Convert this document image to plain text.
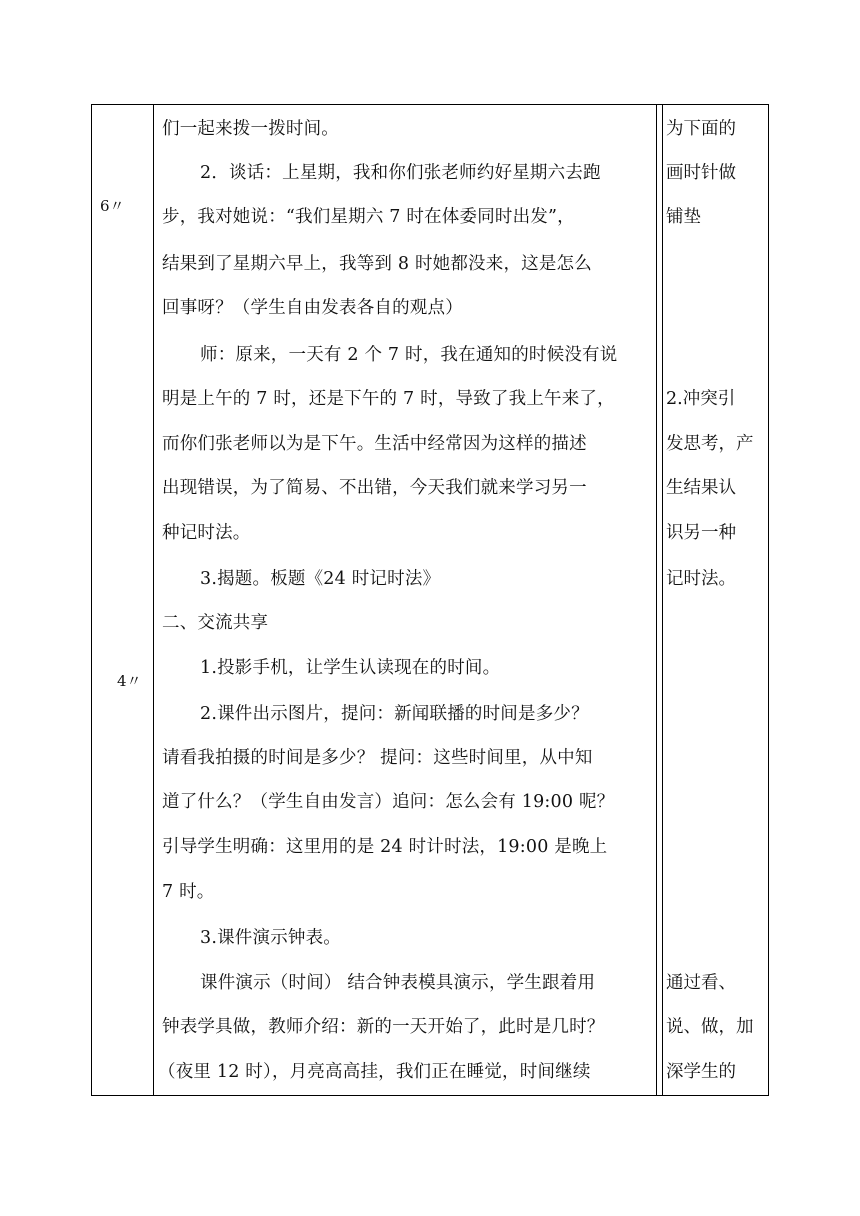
6〃
4〃
们一起来拨一拨时间。
2．谈话：上星期，我和你们张老师约好星期六去跑
步，我对她说：“我们星期六 7 时在体委同时出发”，
结果到了星期六早上，我等到 8 时她都没来，这是怎么
回事呀？（学生自由发表各自的观点）
师：原来，一天有 2 个 7 时，我在通知的时候没有说
明是上午的 7 时，还是下午的 7 时，导致了我上午来了，
而你们张老师以为是下午。生活中经常因为这样的描述
出现错误，为了简易、不出错，今天我们就来学习另一
种记时法。
3.揭题。板题《24 时记时法》
二、交流共享
1.投影手机，让学生认读现在的时间。
2.课件出示图片，提问：新闻联播的时间是多少？
请看我拍摄的时间是多少？ 提问：这些时间里，从中知
道了什么？（学生自由发言）追问：怎么会有 19:00 呢？
引导学生明确：这里用的是 24 时计时法，19:00 是晚上
7 时。
3.课件演示钟表。
课件演示（时间） 结合钟表模具演示，学生跟着用
钟表学具做，教师介绍：新的一天开始了，此时是几时？
（夜里 12 时），月亮高高挂，我们正在睡觉，时间继续
为下面的
画时针做
铺垫
2.冲突引
发思考，产
生结果认
识另一种
记时法。
通过看、
说、做，加
深学生的
